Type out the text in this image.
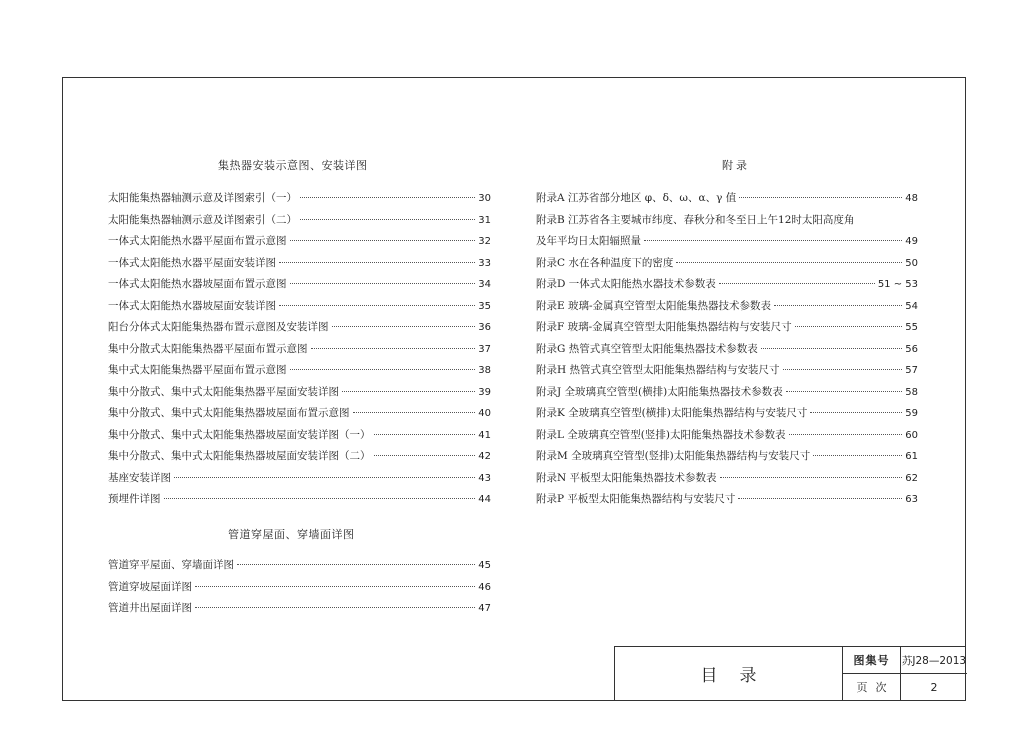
集热器安装示意图、安装详图
太阳能集热器轴测示意及详图索引（一）	30
太阳能集热器轴测示意及详图索引（二）	31
一体式太阳能热水器平屋面布置示意图	32
一体式太阳能热水器平屋面安装详图	33
一体式太阳能热水器坡屋面布置示意图	34
一体式太阳能热水器坡屋面安装详图	35
阳台分体式太阳能集热器布置示意图及安装详图	36
集中分散式太阳能集热器平屋面布置示意图	37
集中式太阳能集热器平屋面布置示意图	38
集中分散式、集中式太阳能集热器平屋面安装详图	39
集中分散式、集中式太阳能集热器坡屋面布置示意图	40
集中分散式、集中式太阳能集热器坡屋面安装详图（一）	41
集中分散式、集中式太阳能集热器坡屋面安装详图（二）	42
基座安装详图	43
预埋件详图	44
管道穿屋面、穿墙面详图
管道穿平屋面、穿墙面详图	45
管道穿坡屋面详图	46
管道井出屋面详图	47
附录
附录A 江苏省部分地区 φ、δ、ω、α、γ 值	48
附录B 江苏省各主要城市纬度、春秋分和冬至日上午12时太阳高度角
及年平均日太阳辐照量	49
附录C 水在各种温度下的密度	50
附录D 一体式太阳能热水器技术参数表	51 ~ 53
附录E 玻璃-金属真空管型太阳能集热器技术参数表	54
附录F 玻璃-金属真空管型太阳能集热器结构与安装尺寸	55
附录G 热管式真空管型太阳能集热器技术参数表	56
附录H 热管式真空管型太阳能集热器结构与安装尺寸	57
附录J 全玻璃真空管型(横排)太阳能集热器技术参数表	58
附录K 全玻璃真空管型(横排)太阳能集热器结构与安装尺寸	59
附录L 全玻璃真空管型(竖排)太阳能集热器技术参数表	60
附录M 全玻璃真空管型(竖排)太阳能集热器结构与安装尺寸	61
附录N 平板型太阳能集热器技术参数表	62
附录P 平板型太阳能集热器结构与安装尺寸	63
目录
图集号	苏J28—2013
页次	2
